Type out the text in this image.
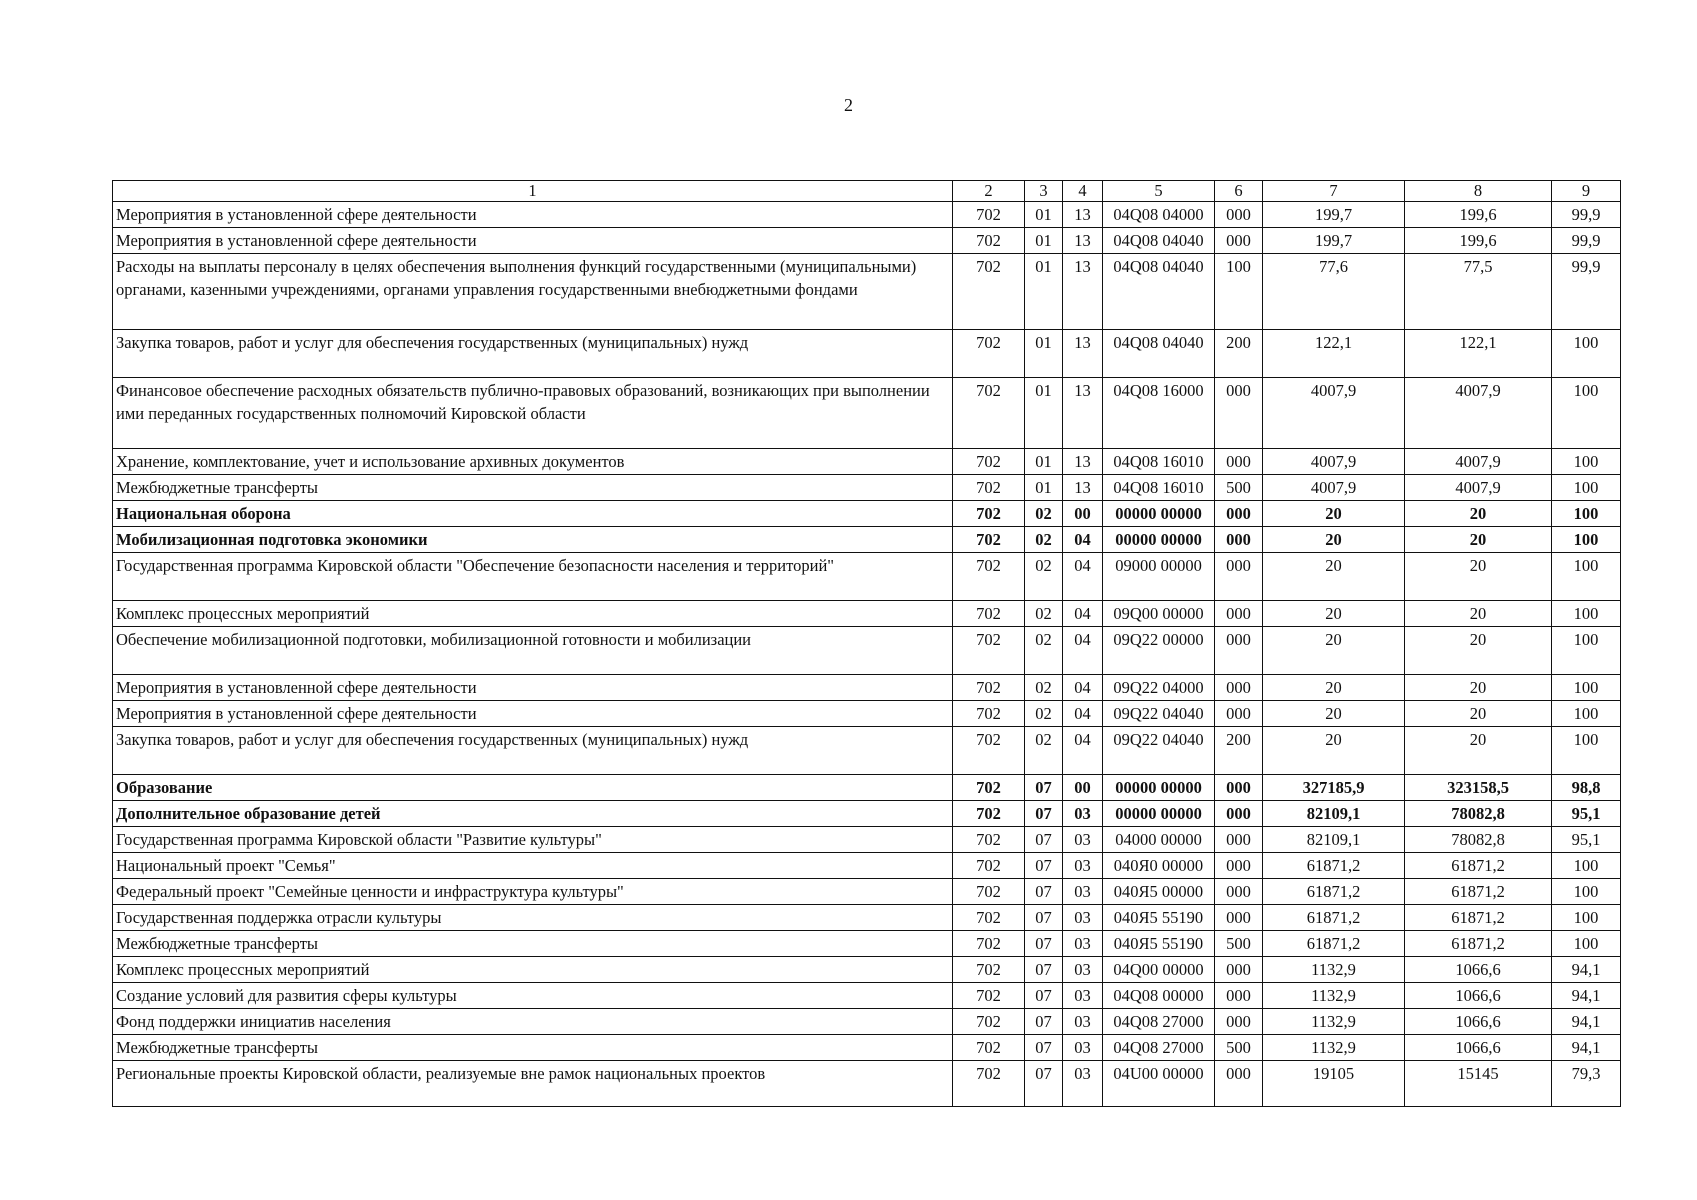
2
1	2	3	4	5	6	7	8	9
Мероприятия в установленной сфере деятельности	702	01	13	04Q08 04000	000	199,7	199,6	99,9
Мероприятия в установленной сфере деятельности	702	01	13	04Q08 04040	000	199,7	199,6	99,9
Расходы на выплаты персоналу в целях обеспечения выполнения функций государственными (муниципальными) органами, казенными учреждениями, органами управления государственными внебюджетными фондами	702	01	13	04Q08 04040	100	77,6	77,5	99,9
Закупка товаров, работ и услуг для обеспечения государственных (муниципальных) нужд	702	01	13	04Q08 04040	200	122,1	122,1	100
Финансовое обеспечение расходных обязательств публично-правовых образований, возникающих при выполнении ими переданных государственных полномочий Кировской области	702	01	13	04Q08 16000	000	4007,9	4007,9	100
Хранение, комплектование, учет и использование архивных документов	702	01	13	04Q08 16010	000	4007,9	4007,9	100
Межбюджетные трансферты	702	01	13	04Q08 16010	500	4007,9	4007,9	100
Национальная оборона	702	02	00	00000 00000	000	20	20	100
Мобилизационная подготовка экономики	702	02	04	00000 00000	000	20	20	100
Государственная программа Кировской области "Обеспечение безопасности населения и территорий"	702	02	04	09000 00000	000	20	20	100
Комплекс процессных мероприятий	702	02	04	09Q00 00000	000	20	20	100
Обеспечение мобилизационной подготовки, мобилизационной готовности и мобилизации	702	02	04	09Q22 00000	000	20	20	100
Мероприятия в установленной сфере деятельности	702	02	04	09Q22 04000	000	20	20	100
Мероприятия в установленной сфере деятельности	702	02	04	09Q22 04040	000	20	20	100
Закупка товаров, работ и услуг для обеспечения государственных (муниципальных) нужд	702	02	04	09Q22 04040	200	20	20	100
Образование	702	07	00	00000 00000	000	327185,9	323158,5	98,8
Дополнительное образование детей	702	07	03	00000 00000	000	82109,1	78082,8	95,1
Государственная программа Кировской области "Развитие культуры"	702	07	03	04000 00000	000	82109,1	78082,8	95,1
Национальный проект "Семья"	702	07	03	040Я0 00000	000	61871,2	61871,2	100
Федеральный проект "Семейные ценности и инфраструктура культуры"	702	07	03	040Я5 00000	000	61871,2	61871,2	100
Государственная поддержка отрасли культуры	702	07	03	040Я5 55190	000	61871,2	61871,2	100
Межбюджетные трансферты	702	07	03	040Я5 55190	500	61871,2	61871,2	100
Комплекс процессных мероприятий	702	07	03	04Q00 00000	000	1132,9	1066,6	94,1
Создание условий для развития сферы культуры	702	07	03	04Q08 00000	000	1132,9	1066,6	94,1
Фонд поддержки инициатив населения	702	07	03	04Q08 27000	000	1132,9	1066,6	94,1
Межбюджетные трансферты	702	07	03	04Q08 27000	500	1132,9	1066,6	94,1
Региональные проекты Кировской области, реализуемые вне рамок национальных проектов	702	07	03	04U00 00000	000	19105	15145	79,3
